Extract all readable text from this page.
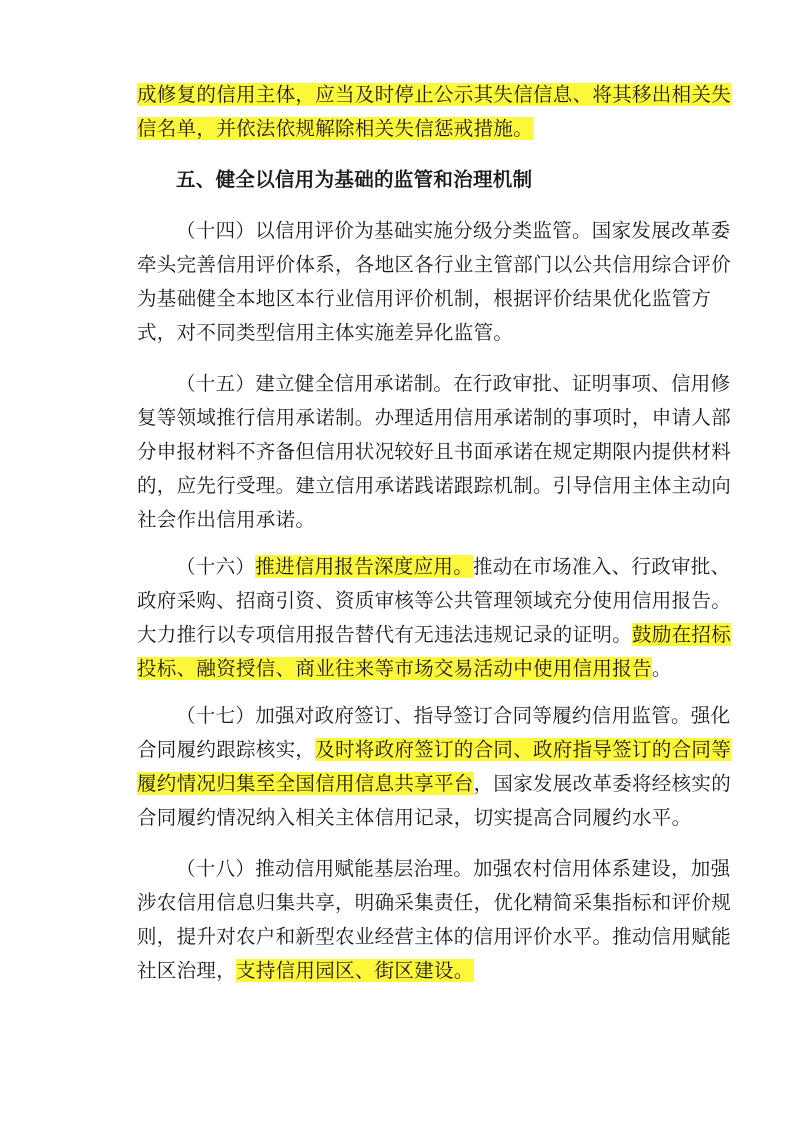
成修复的信用主体，应当及时停止公示其失信信息、将其移出相关失
信名单，并依法依规解除相关失信惩戒措施。
五、健全以信用为基础的监管和治理机制
（十四）以信用评价为基础实施分级分类监管。国家发展改革委
牵头完善信用评价体系，各地区各行业主管部门以公共信用综合评价
为基础健全本地区本行业信用评价机制，根据评价结果优化监管方
式，对不同类型信用主体实施差异化监管。
（十五）建立健全信用承诺制。在行政审批、证明事项、信用修
复等领域推行信用承诺制。办理适用信用承诺制的事项时，申请人部
分申报材料不齐备但信用状况较好且书面承诺在规定期限内提供材料
的，应先行受理。建立信用承诺践诺跟踪机制。引导信用主体主动向
社会作出信用承诺。
（十六）推进信用报告深度应用。推动在市场准入、行政审批、
政府采购、招商引资、资质审核等公共管理领域充分使用信用报告。
大力推行以专项信用报告替代有无违法违规记录的证明。鼓励在招标
投标、融资授信、商业往来等市场交易活动中使用信用报告。
（十七）加强对政府签订、指导签订合同等履约信用监管。强化
合同履约跟踪核实，及时将政府签订的合同、政府指导签订的合同等
履约情况归集至全国信用信息共享平台，国家发展改革委将经核实的
合同履约情况纳入相关主体信用记录，切实提高合同履约水平。
（十八）推动信用赋能基层治理。加强农村信用体系建设，加强
涉农信用信息归集共享，明确采集责任，优化精简采集指标和评价规
则，提升对农户和新型农业经营主体的信用评价水平。推动信用赋能
社区治理，支持信用园区、街区建设。
